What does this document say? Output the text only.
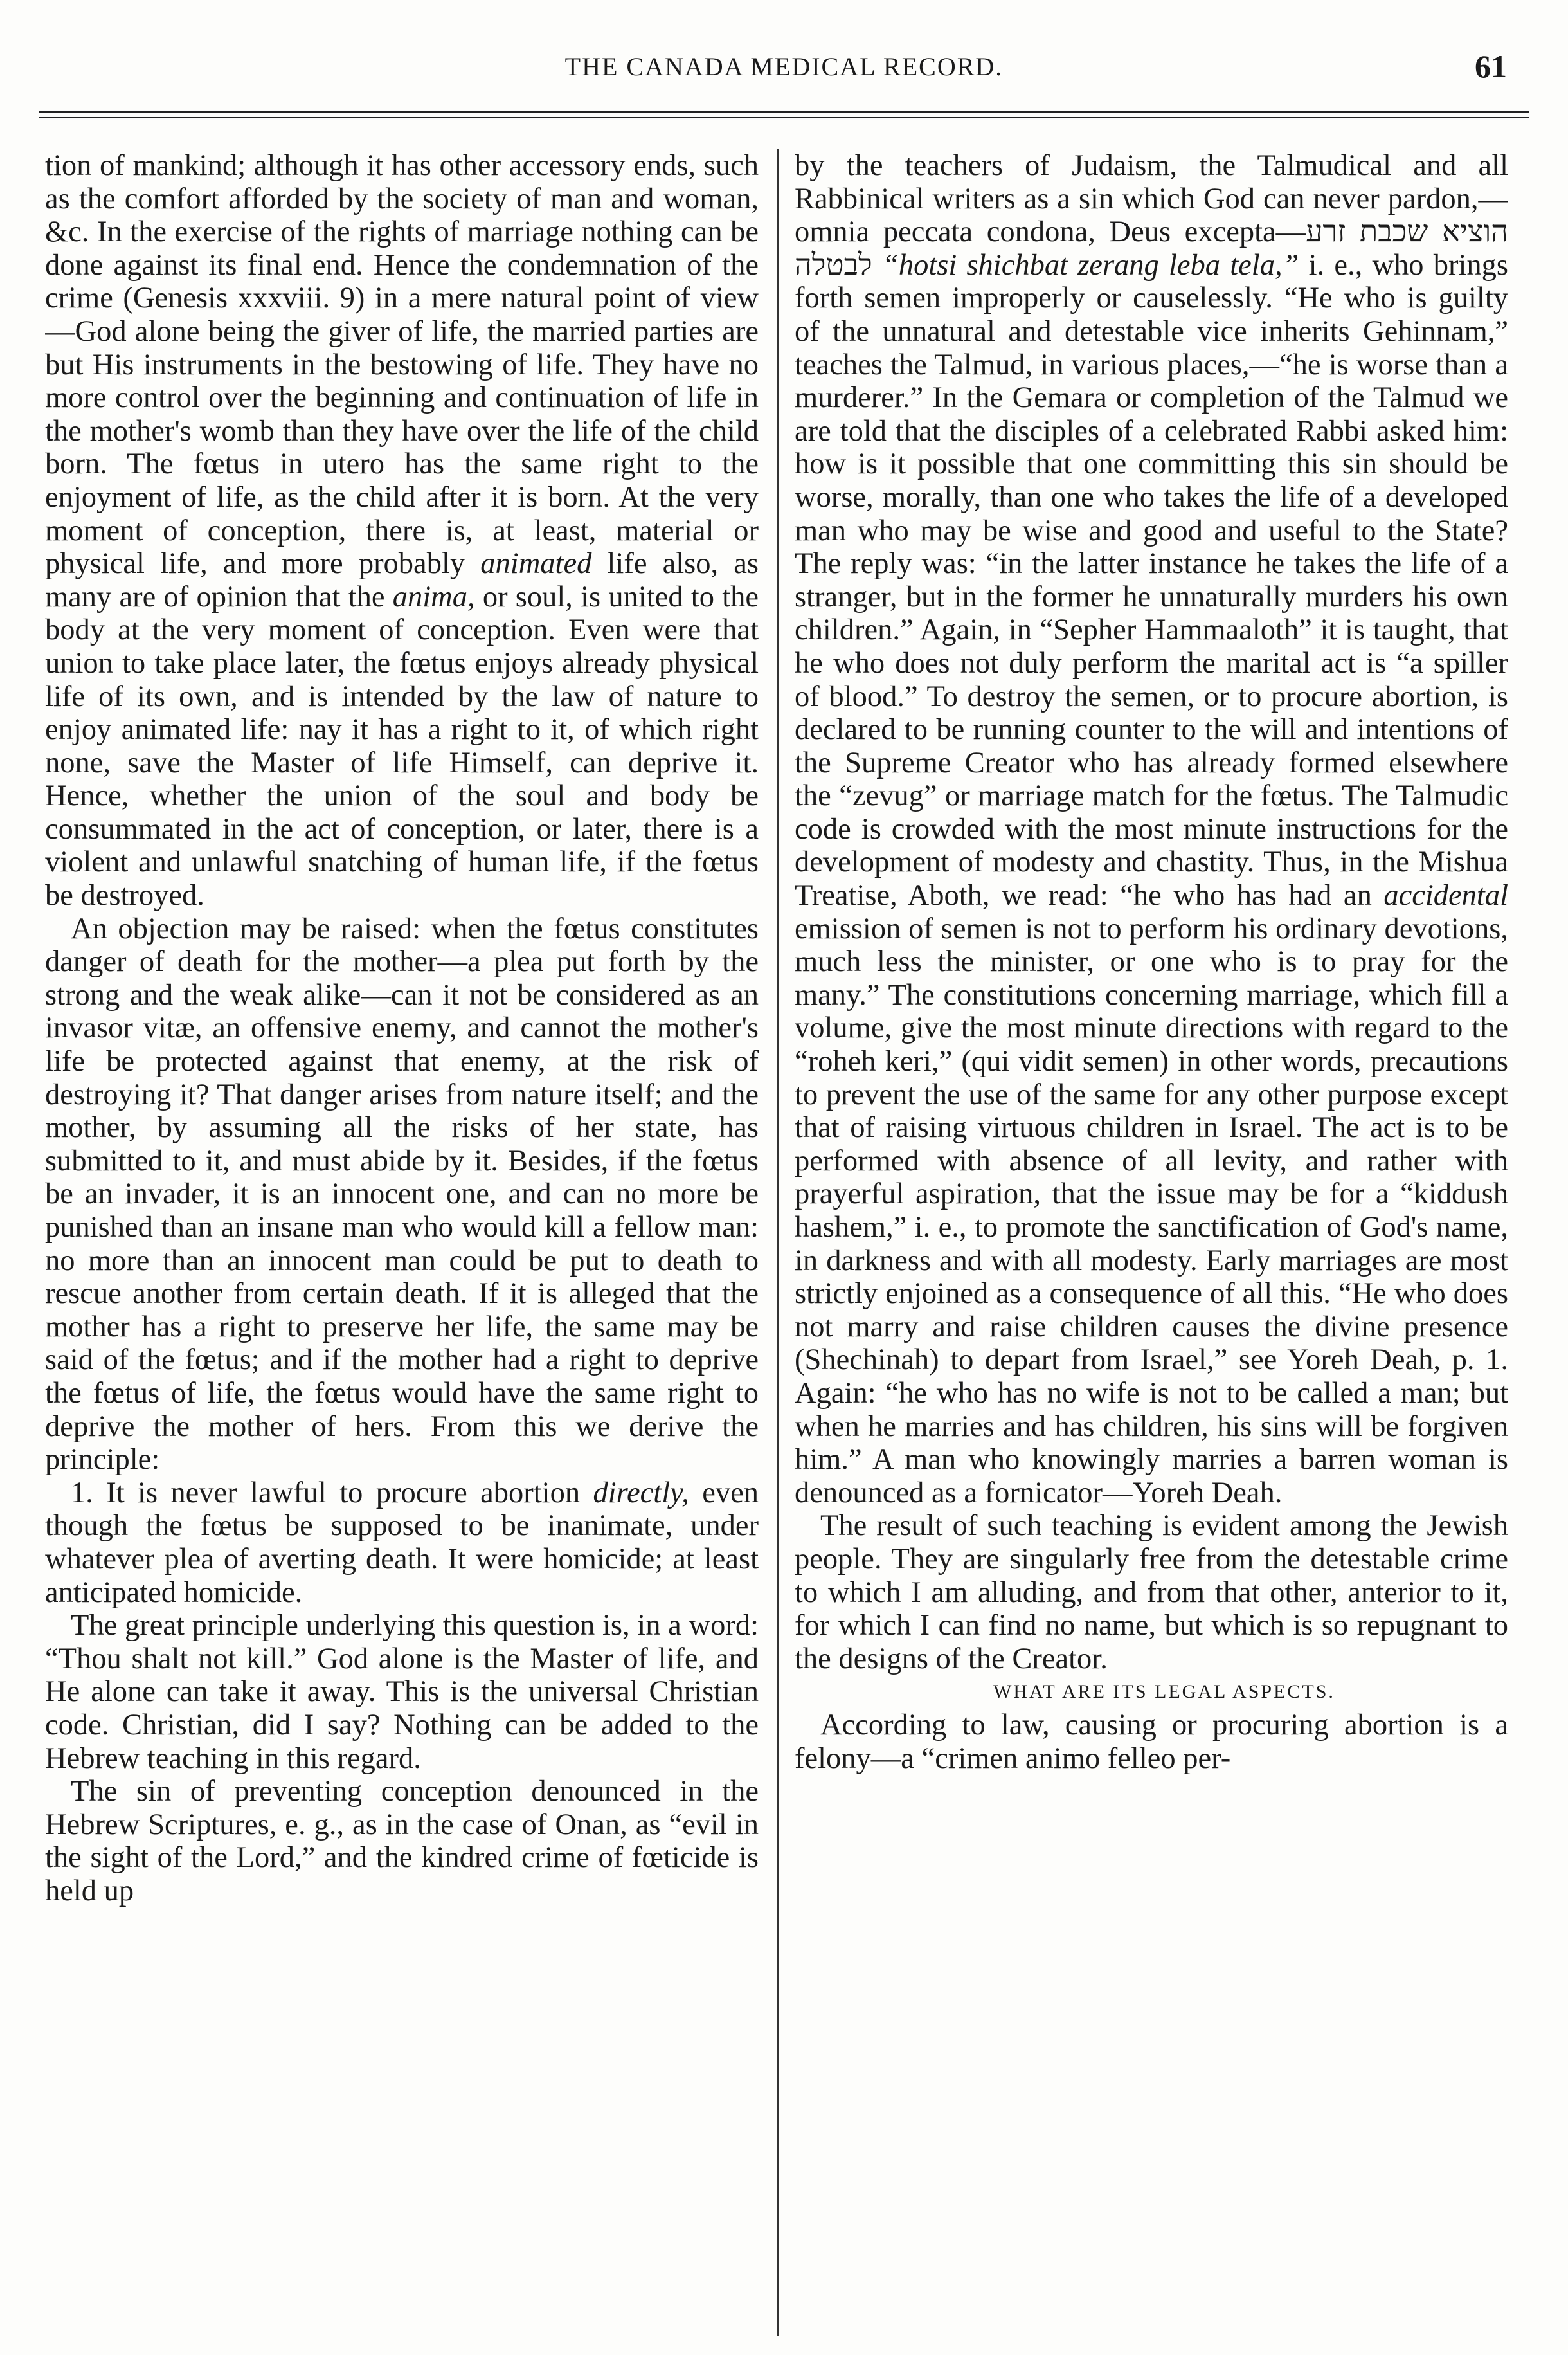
THE CANADA MEDICAL RECORD.	61

tion of mankind; although it has other accessory ends, such as the comfort afforded by the society of man and woman, &c. In the exercise of the rights of marriage nothing can be done against its final end. Hence the condemnation of the crime (Genesis xxxviii. 9) in a mere natural point of view—God alone being the giver of life, the married parties are but His instruments in the bestowing of life. They have no more control over the beginning and continuation of life in the mother's womb than they have over the life of the child born. The fœtus in utero has the same right to the enjoyment of life, as the child after it is born. At the very moment of conception, there is, at least, material or physical life, and more probably animated life also, as many are of opinion that the anima, or soul, is united to the body at the very moment of conception. Even were that union to take place later, the fœtus enjoys already physical life of its own, and is intended by the law of nature to enjoy animated life: nay it has a right to it, of which right none, save the Master of life Himself, can deprive it. Hence, whether the union of the soul and body be consummated in the act of conception, or later, there is a violent and unlawful snatching of human life, if the fœtus be destroyed.

An objection may be raised: when the fœtus constitutes danger of death for the mother—a plea put forth by the strong and the weak alike—can it not be considered as an invasor vitæ, an offensive enemy, and cannot the mother's life be protected against that enemy, at the risk of destroying it? That danger arises from nature itself; and the mother, by assuming all the risks of her state, has submitted to it, and must abide by it. Besides, if the fœtus be an invader, it is an innocent one, and can no more be punished than an insane man who would kill a fellow man: no more than an innocent man could be put to death to rescue another from certain death. If it is alleged that the mother has a right to preserve her life, the same may be said of the fœtus; and if the mother had a right to deprive the fœtus of life, the fœtus would have the same right to deprive the mother of hers. From this we derive the principle:

1. It is never lawful to procure abortion directly, even though the fœtus be supposed to be inanimate, under whatever plea of averting death. It were homicide; at least anticipated homicide.

The great principle underlying this question is, in a word: “Thou shalt not kill.” God alone is the Master of life, and He alone can take it away. This is the universal Christian code. Christian, did I say? Nothing can be added to the Hebrew teaching in this regard.

The sin of preventing conception denounced in the Hebrew Scriptures, e. g., as in the case of Onan, as “evil in the sight of the Lord,” and the kindred crime of fœticide is held up

by the teachers of Judaism, the Talmudical and all Rabbinical writers as a sin which God can never pardon,—omnia peccata condona, Deus excepta—הוציא שכבת זרע לבטלה “hotsi shichbat zerang leba tela,” i. e., who brings forth semen improperly or causelessly. “He who is guilty of the unnatural and detestable vice inherits Gehinnam,” teaches the Talmud, in various places,—“he is worse than a murderer.” In the Gemara or completion of the Talmud we are told that the disciples of a celebrated Rabbi asked him: how is it possible that one committing this sin should be worse, morally, than one who takes the life of a developed man who may be wise and good and useful to the State? The reply was: “in the latter instance he takes the life of a stranger, but in the former he unnaturally murders his own children.” Again, in “Sepher Hammaaloth” it is taught, that he who does not duly perform the marital act is “a spiller of blood.” To destroy the semen, or to procure abortion, is declared to be running counter to the will and intentions of the Supreme Creator who has already formed elsewhere the “zevug” or marriage match for the fœtus. The Talmudic code is crowded with the most minute instructions for the development of modesty and chastity. Thus, in the Mishua Treatise, Aboth, we read: “he who has had an accidental emission of semen is not to perform his ordinary devotions, much less the minister, or one who is to pray for the many.” The constitutions concerning marriage, which fill a volume, give the most minute directions with regard to the “roheh keri,” (qui vidit semen) in other words, precautions to prevent the use of the same for any other purpose except that of raising virtuous children in Israel. The act is to be performed with absence of all levity, and rather with prayerful aspiration, that the issue may be for a “kiddush hashem,” i. e., to promote the sanctification of God's name, in darkness and with all modesty. Early marriages are most strictly enjoined as a consequence of all this. “He who does not marry and raise children causes the divine presence (Shechinah) to depart from Israel,” see Yoreh Deah, p. 1. Again: “he who has no wife is not to be called a man; but when he marries and has children, his sins will be forgiven him.” A man who knowingly marries a barren woman is denounced as a fornicator—Yoreh Deah.

The result of such teaching is evident among the Jewish people. They are singularly free from the detestable crime to which I am alluding, and from that other, anterior to it, for which I can find no name, but which is so repugnant to the designs of the Creator.

WHAT ARE ITS LEGAL ASPECTS.

According to law, causing or procuring abortion is a felony—a “crimen animo felleo per-
